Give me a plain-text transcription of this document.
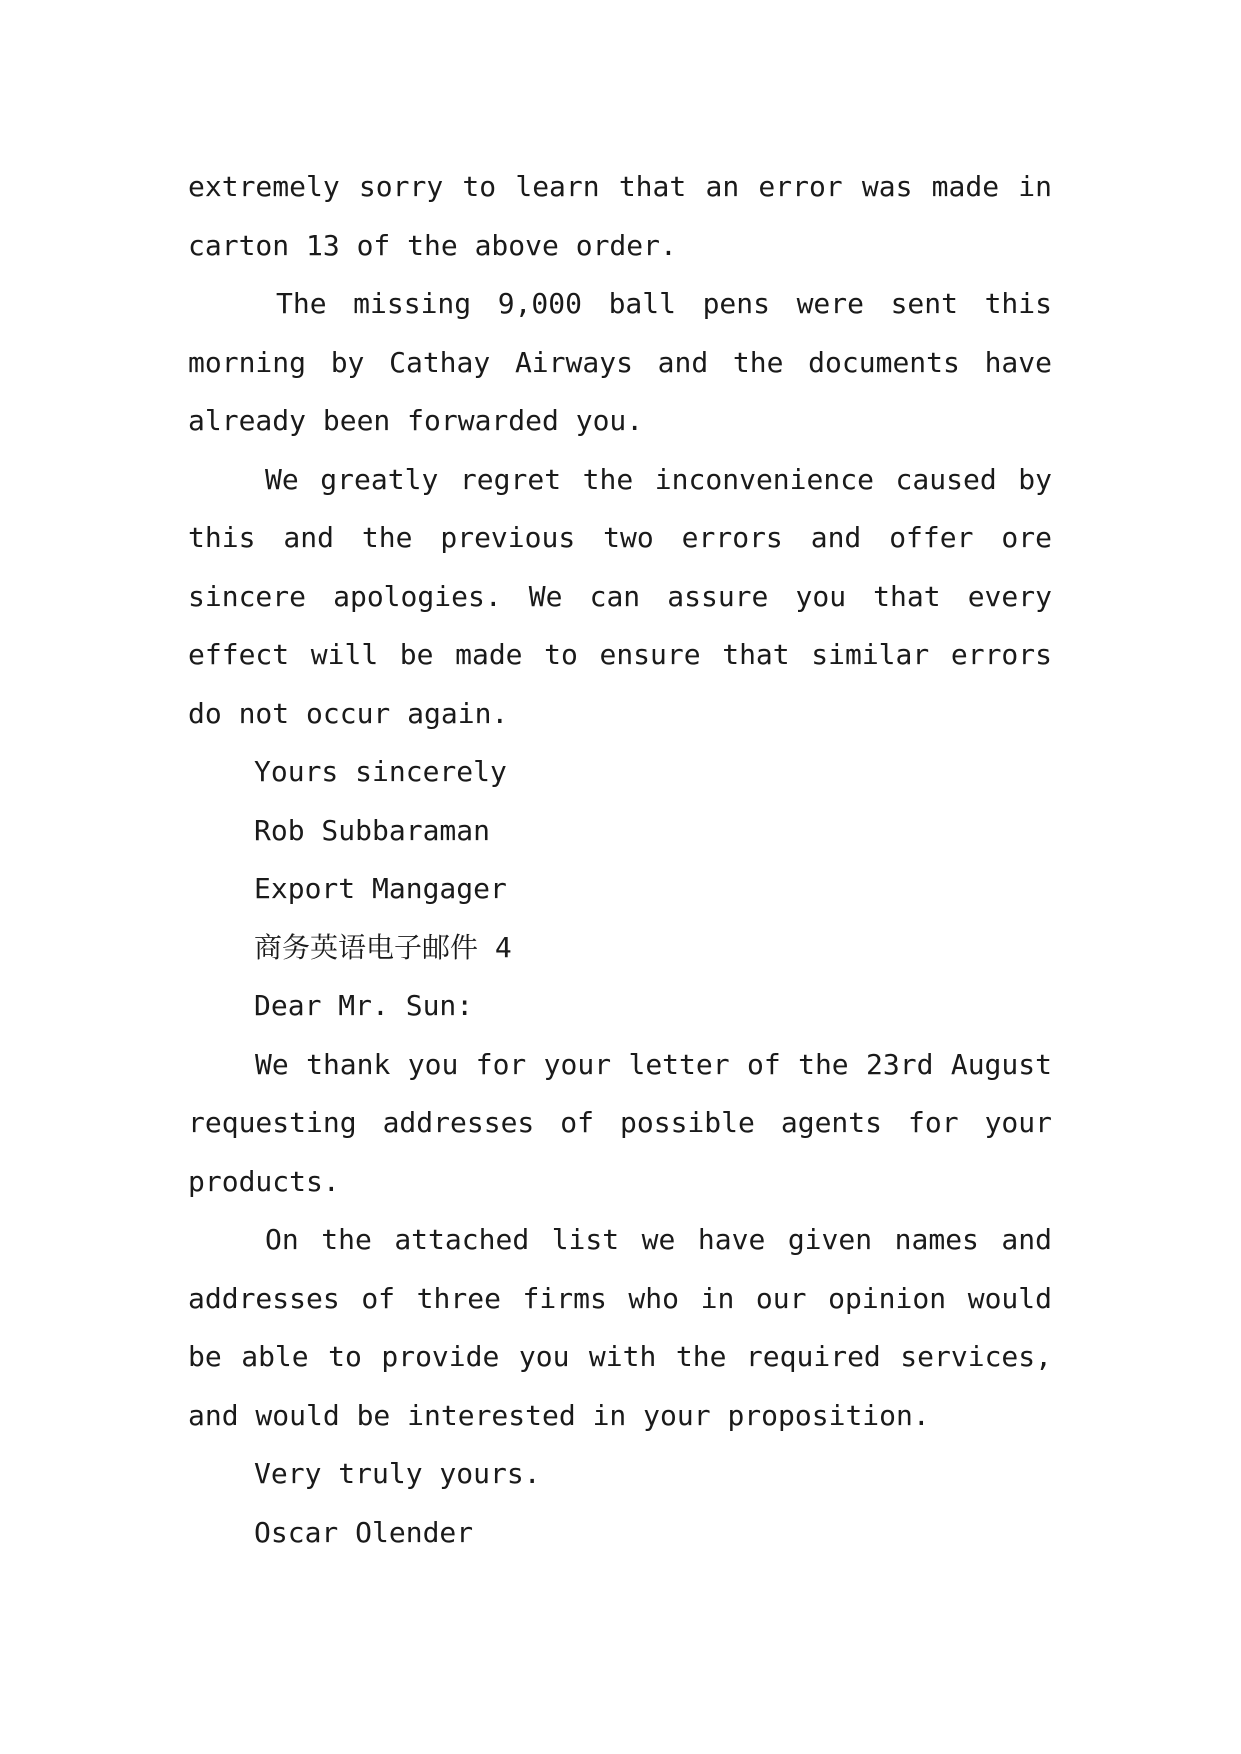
extremely sorry to learn that an error was made in
carton 13 of the above order.
The missing 9,000 ball pens were sent this
morning by Cathay Airways and the documents have
already been forwarded you.
We greatly regret the inconvenience caused by
this and the previous two errors and offer ore
sincere apologies. We can assure you that every
effect will be made to ensure that similar errors
do not occur again.
Yours sincerely
Rob Subbaraman
Export Mangager
商务英语电子邮件 4
Dear Mr. Sun:
We thank you for your letter of the 23rd August
requesting addresses of possible agents for your
products.
On the attached list we have given names and
addresses of three firms who in our opinion would
be able to provide you with the required services,
and would be interested in your proposition.
Very truly yours.
Oscar Olender
